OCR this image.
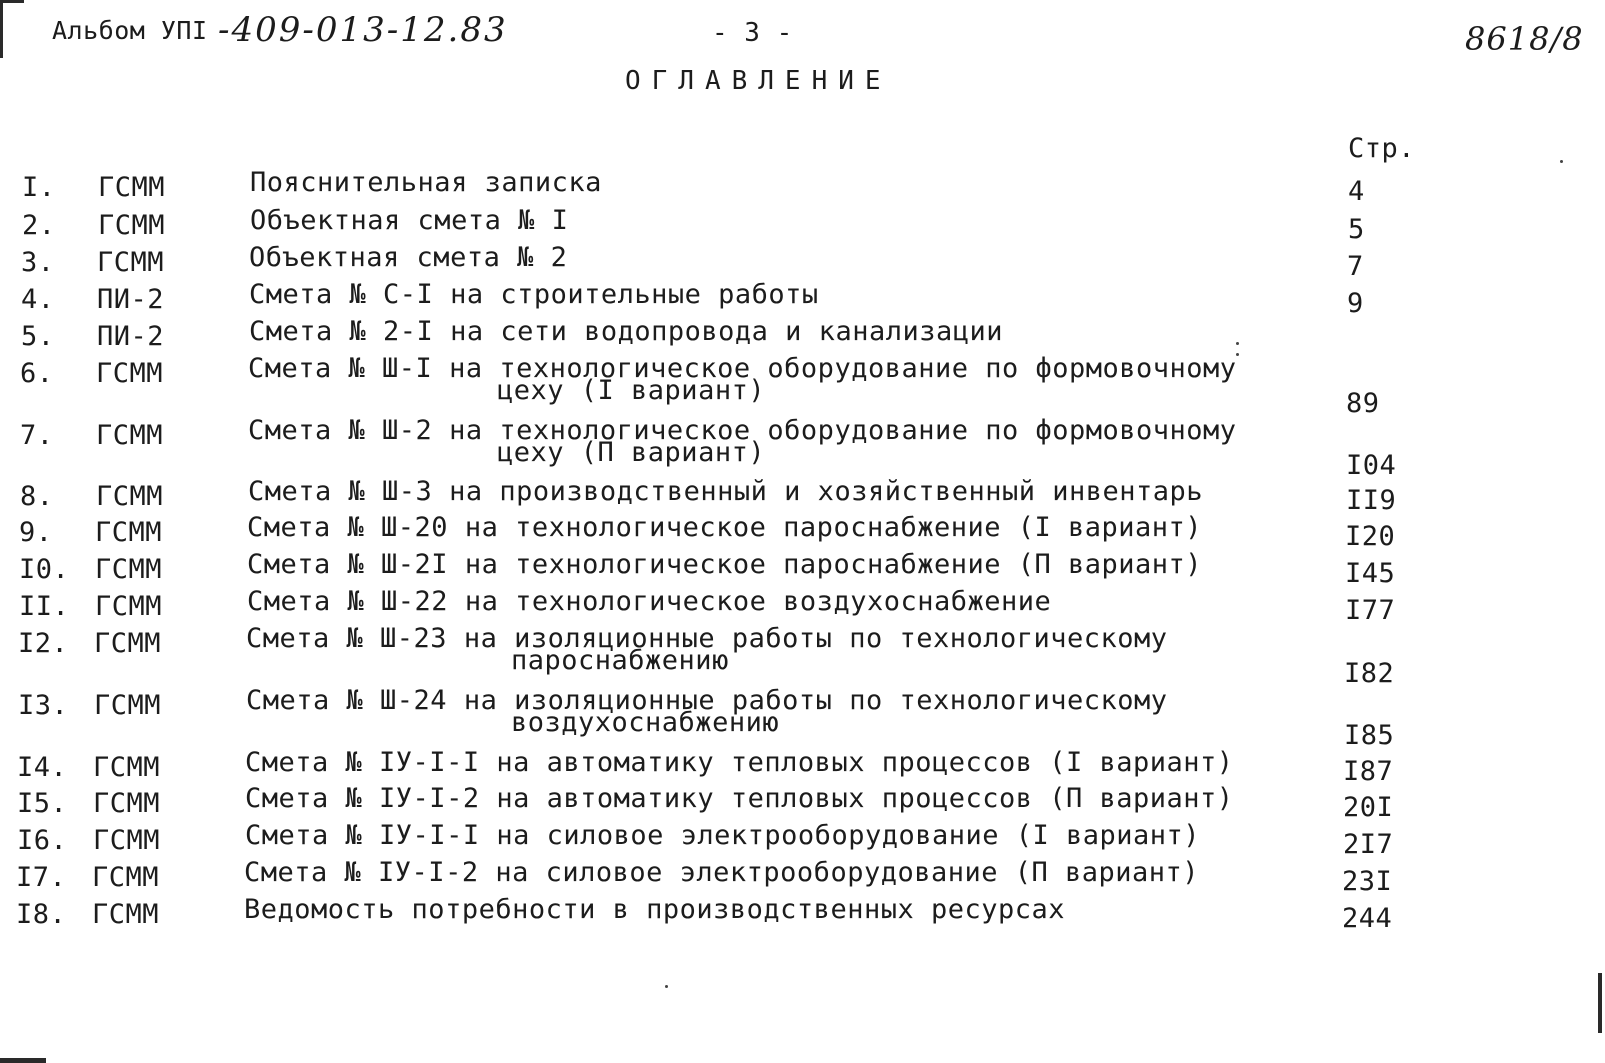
Альбом УПI -409-013-12.83	- 3 -	8618/8
ОГЛАВЛЕНИЕ
Стр.
I.	ГСММ	Пояснительная записка	4
2.	ГСММ	Объектная смета № I	5
3.	ГСММ	Объектная смета № 2	7
4.	ПИ-2	Смета № С-I на строительные работы	9
5.	ПИ-2	Смета № 2-I на сети водопровода и канализации
6.	ГСММ	Смета № Ш-I на технологическое оборудование по формовочному
цеху (I вариант)	89
7.	ГСММ	Смета № Ш-2 на технологическое оборудование по формовочному
цеху (П вариант)	I04
8.	ГСММ	Смета № Ш-3 на производственный и хозяйственный инвентарь	II9
9.	ГСММ	Смета № Ш-20 на технологическое пароснабжение (I вариант)	I20
I0. ГСММ	Смета № Ш-2I на технологическое пароснабжение (П вариант)	I45
II. ГСММ	Смета № Ш-22 на технологическое воздухоснабжение	I77
I2. ГСММ	Смета № Ш-23 на изоляционные работы по технологическому
пароснабжению	I82
I3. ГСММ	Смета № Ш-24 на изоляционные работы по технологическому
воздухоснабжению	I85
I4. ГСММ	Смета № IУ-I-I на автоматику тепловых процессов (I вариант)	I87
I5. ГСММ	Смета № IУ-I-2 на автоматику тепловых процессов (П вариант)	20I
I6. ГСММ	Смета № IУ-I-I на силовое электрооборудование (I вариант)	2I7
I7. ГСММ	Смета № IУ-I-2 на силовое электрооборудование (П вариант)	23I
I8. ГСММ	Ведомость потребности в производственных ресурсах	244
